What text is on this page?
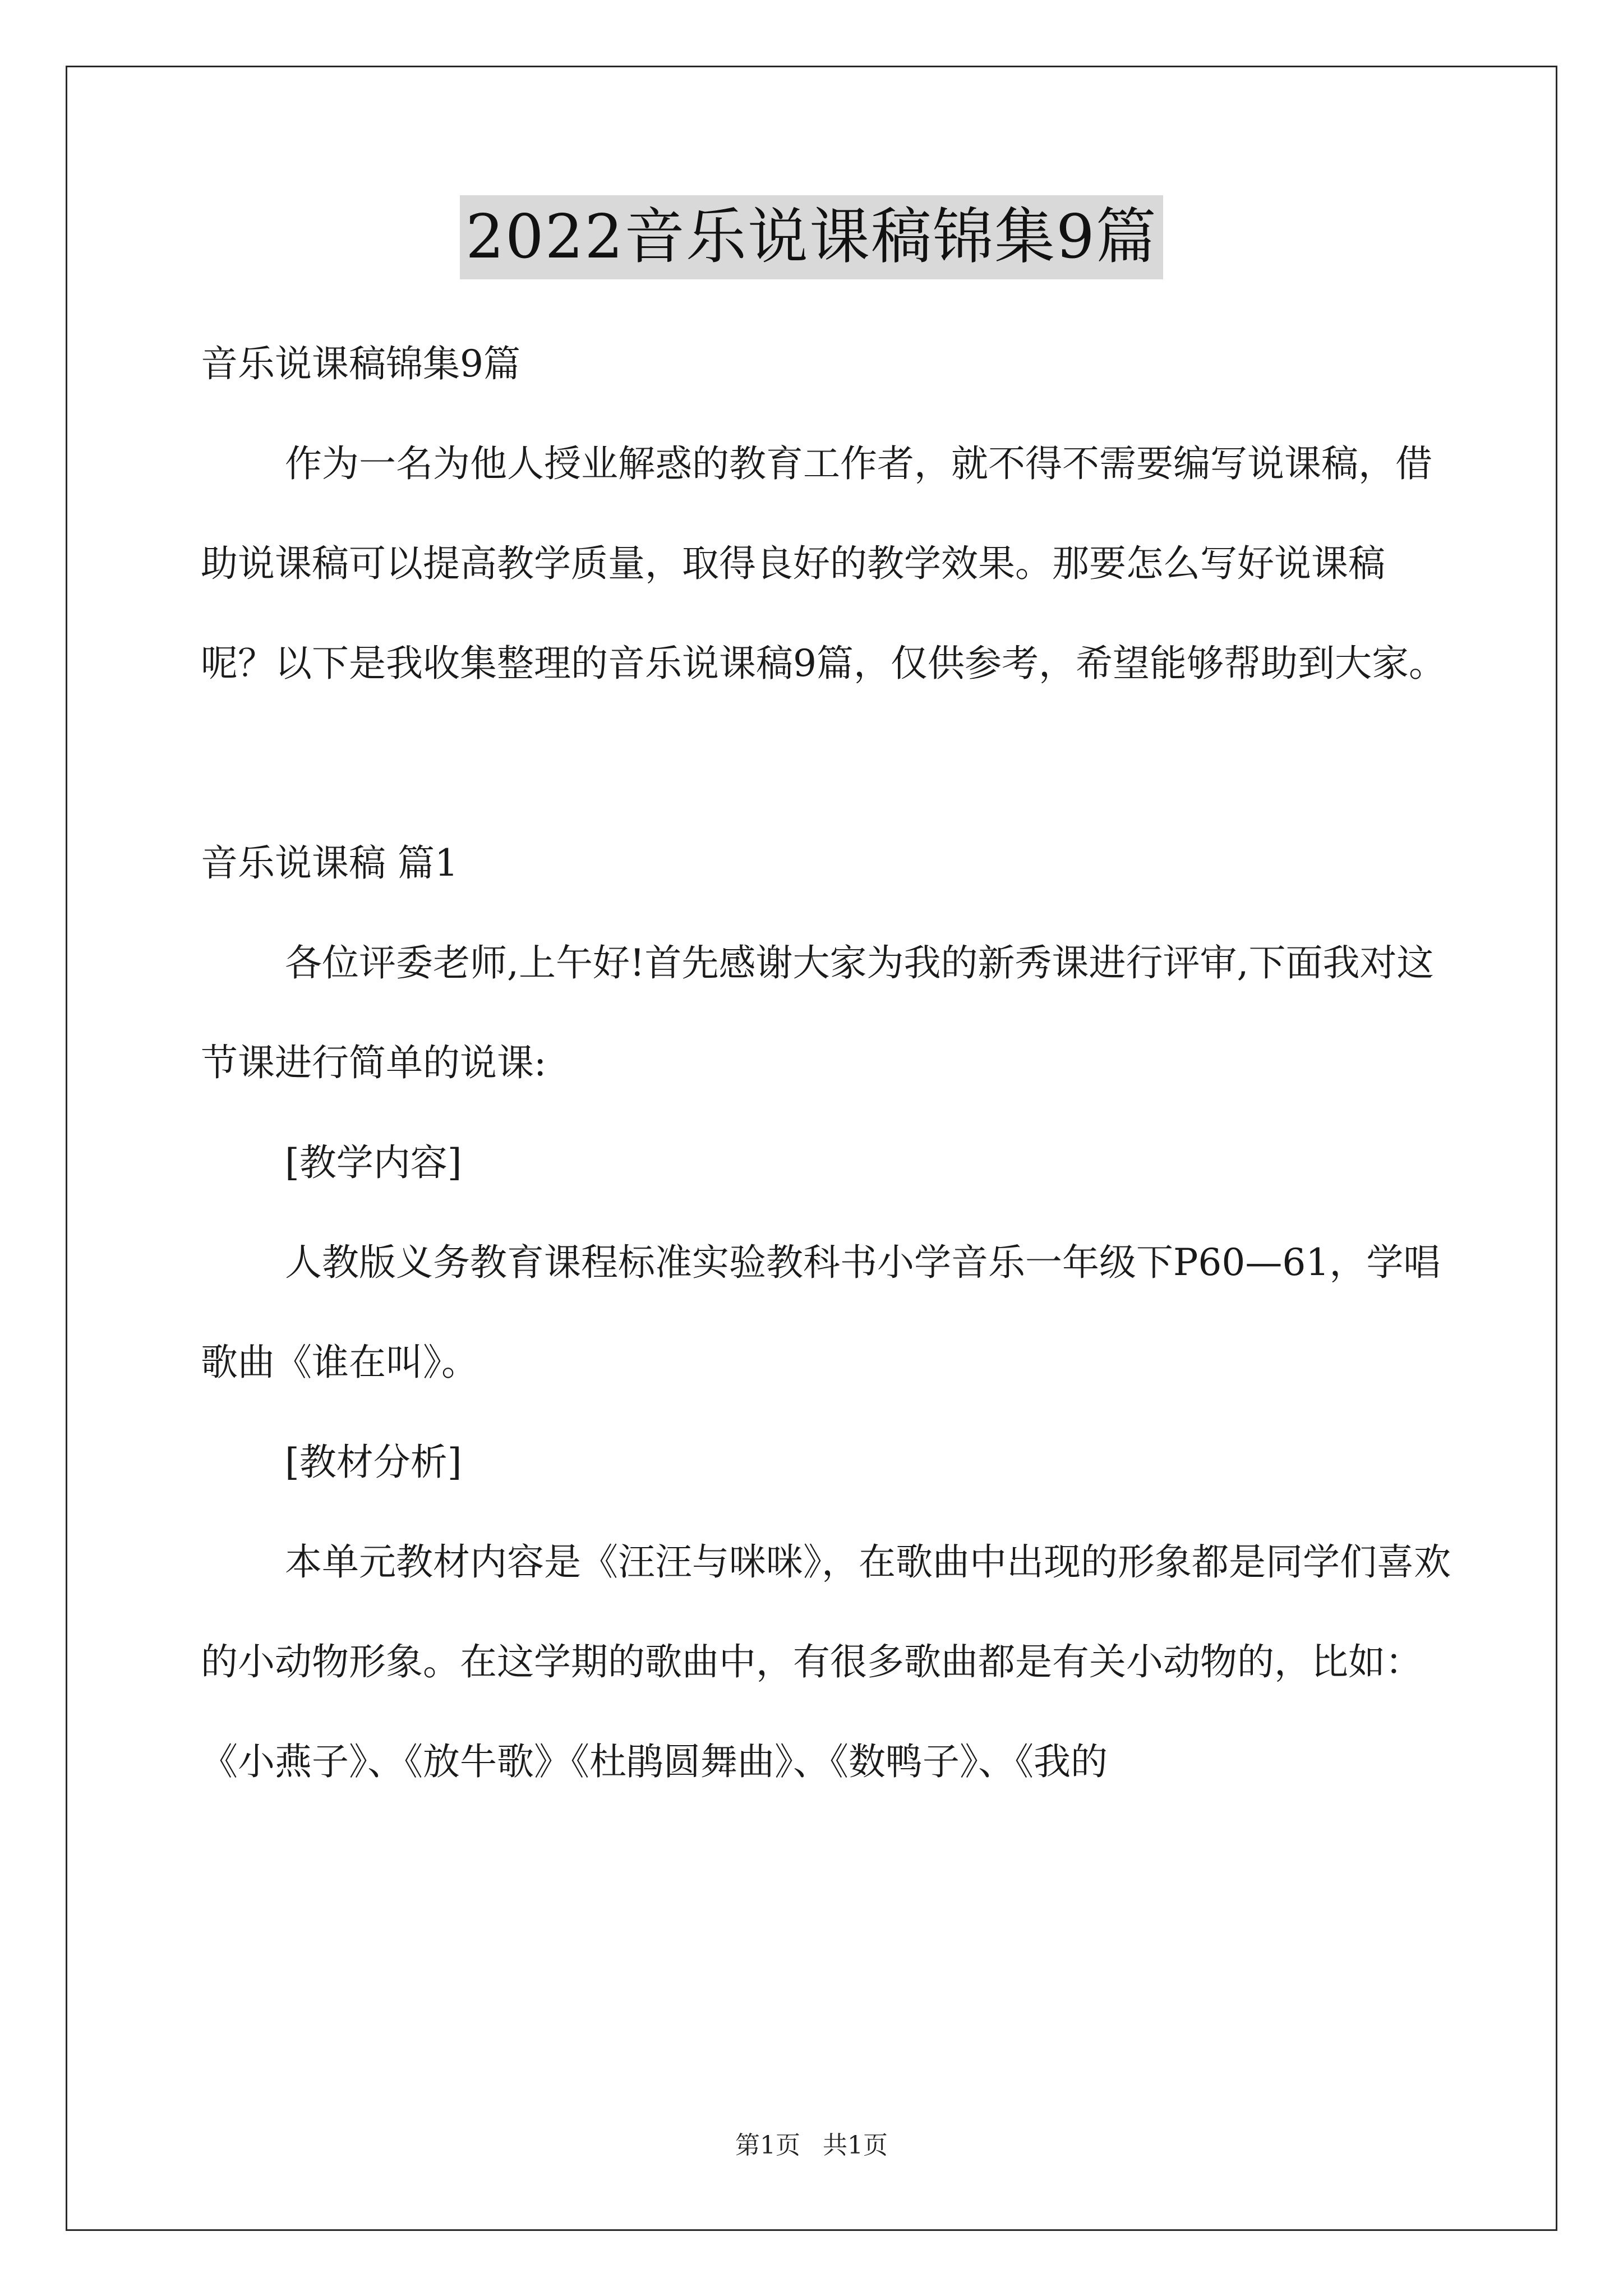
2022音乐说课稿锦集9篇

音乐说课稿锦集9篇

作为一名为他人授业解惑的教育工作者，就不得不需要编写说课稿，借助说课稿可以提高教学质量，取得良好的教学效果。那要怎么写好说课稿呢？以下是我收集整理的音乐说课稿9篇，仅供参考，希望能够帮助到大家。

音乐说课稿 篇1

各位评委老师,上午好!首先感谢大家为我的新秀课进行评审,下面我对这节课进行简单的说课:

[教学内容]

人教版义务教育课程标准实验教科书小学音乐一年级下P60—61，学唱歌曲《谁在叫》。

[教材分析]

本单元教材内容是《汪汪与咪咪》，在歌曲中出现的形象都是同学们喜欢的小动物形象。在这学期的歌曲中，有很多歌曲都是有关小动物的，比如：《小燕子》、《放牛歌》《杜鹃圆舞曲》、《数鸭子》、《我的

第1页 共1页
